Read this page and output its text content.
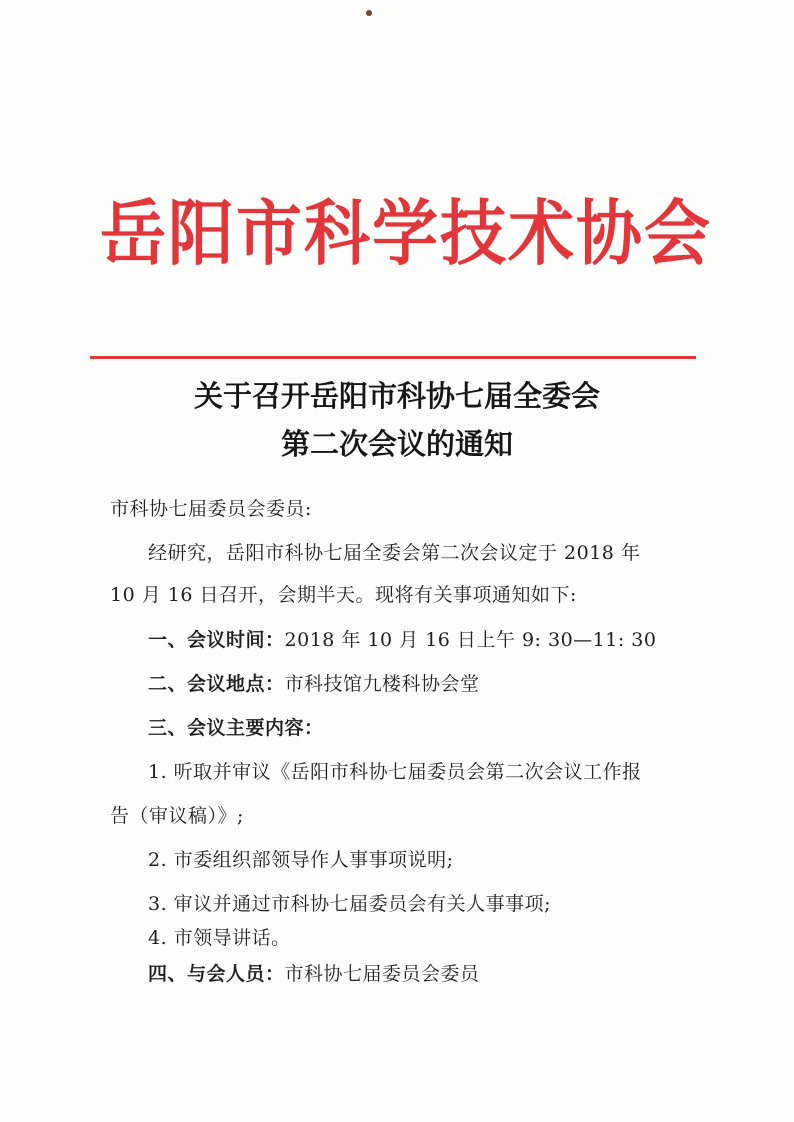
岳阳市科学技术协会
关于召开岳阳市科协七届全委会
第二次会议的通知
市科协七届委员会委员:
经研究，岳阳市科协七届全委会第二次会议定于 2018 年
10 月 16 日召开，会期半天。现将有关事项通知如下:
一、会议时间：2018 年 10 月 16 日上午 9: 30—11: 30
二、会议地点：市科技馆九楼科协会堂
三、会议主要内容：
1. 听取并审议《岳阳市科协七届委员会第二次会议工作报
告（审议稿）》;
2. 市委组织部领导作人事事项说明;
3. 审议并通过市科协七届委员会有关人事事项;
4. 市领导讲话。
四、与会人员：市科协七届委员会委员
